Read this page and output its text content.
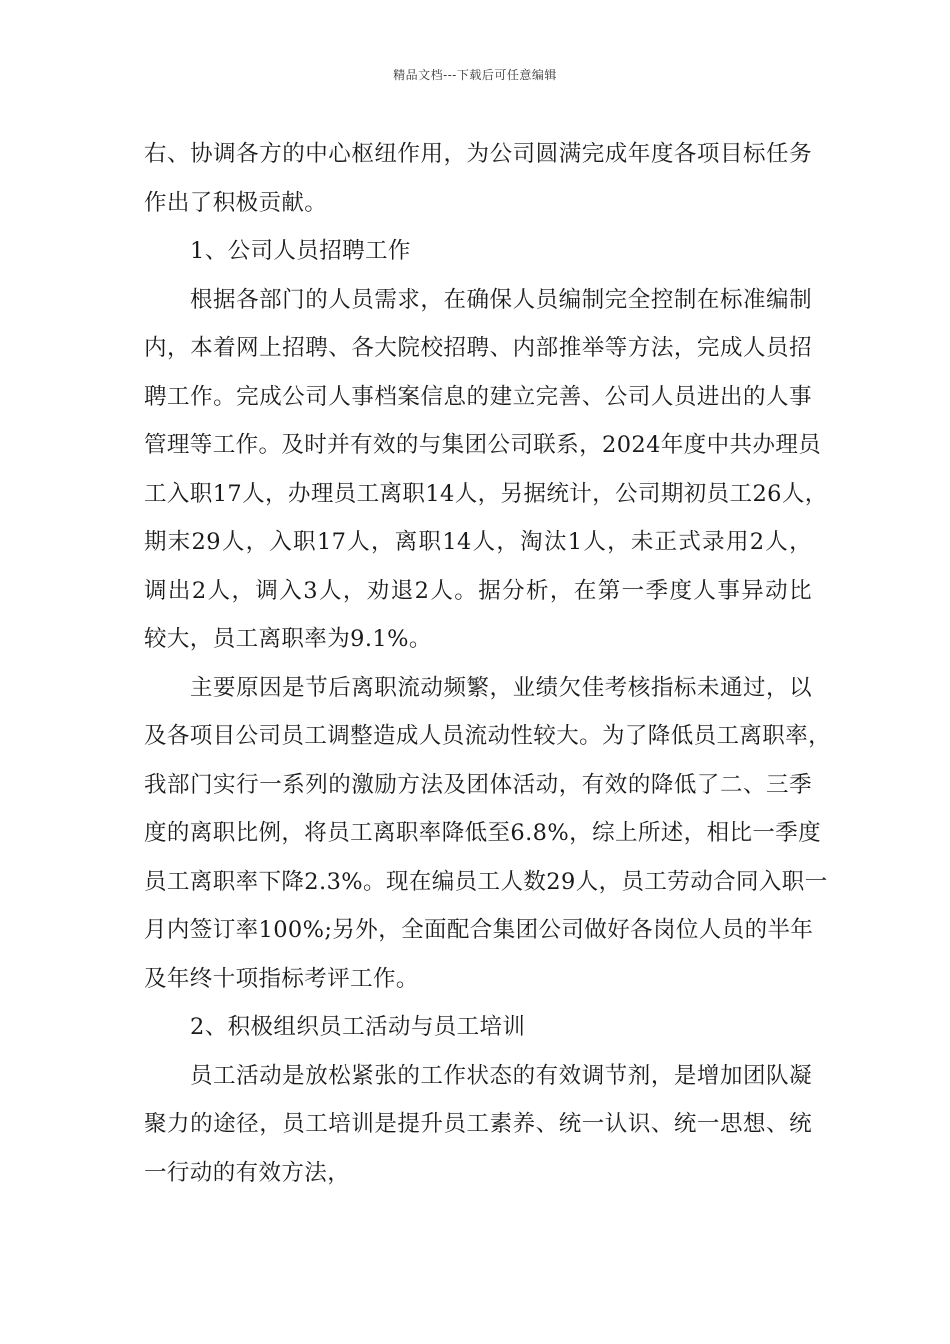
精品文档---下载后可任意编辑
右、协调各方的中心枢纽作用，为公司圆满完成年度各项目标任务
作出了积极贡献。
1、公司人员招聘工作
根据各部门的人员需求，在确保人员编制完全控制在标准编制
内，本着网上招聘、各大院校招聘、内部推举等方法，完成人员招
聘工作。完成公司人事档案信息的建立完善、公司人员进出的人事
管理等工作。及时并有效的与集团公司联系，2024年度中共办理员
工入职17人，办理员工离职14人，另据统计，公司期初员工26人，
期末29人，入职17人，离职14人，淘汰1人，未正式录用2人，
调出2人，调入3人，劝退2人。据分析，在第一季度人事异动比
较大，员工离职率为9.1%。
主要原因是节后离职流动频繁，业绩欠佳考核指标未通过，以
及各项目公司员工调整造成人员流动性较大。为了降低员工离职率，
我部门实行一系列的激励方法及团体活动，有效的降低了二、三季
度的离职比例，将员工离职率降低至6.8%，综上所述，相比一季度
员工离职率下降2.3%。现在编员工人数29人，员工劳动合同入职一
月内签订率100%;另外，全面配合集团公司做好各岗位人员的半年
及年终十项指标考评工作。
2、积极组织员工活动与员工培训
员工活动是放松紧张的工作状态的有效调节剂，是增加团队凝
聚力的途径，员工培训是提升员工素养、统一认识、统一思想、统
一行动的有效方法，
